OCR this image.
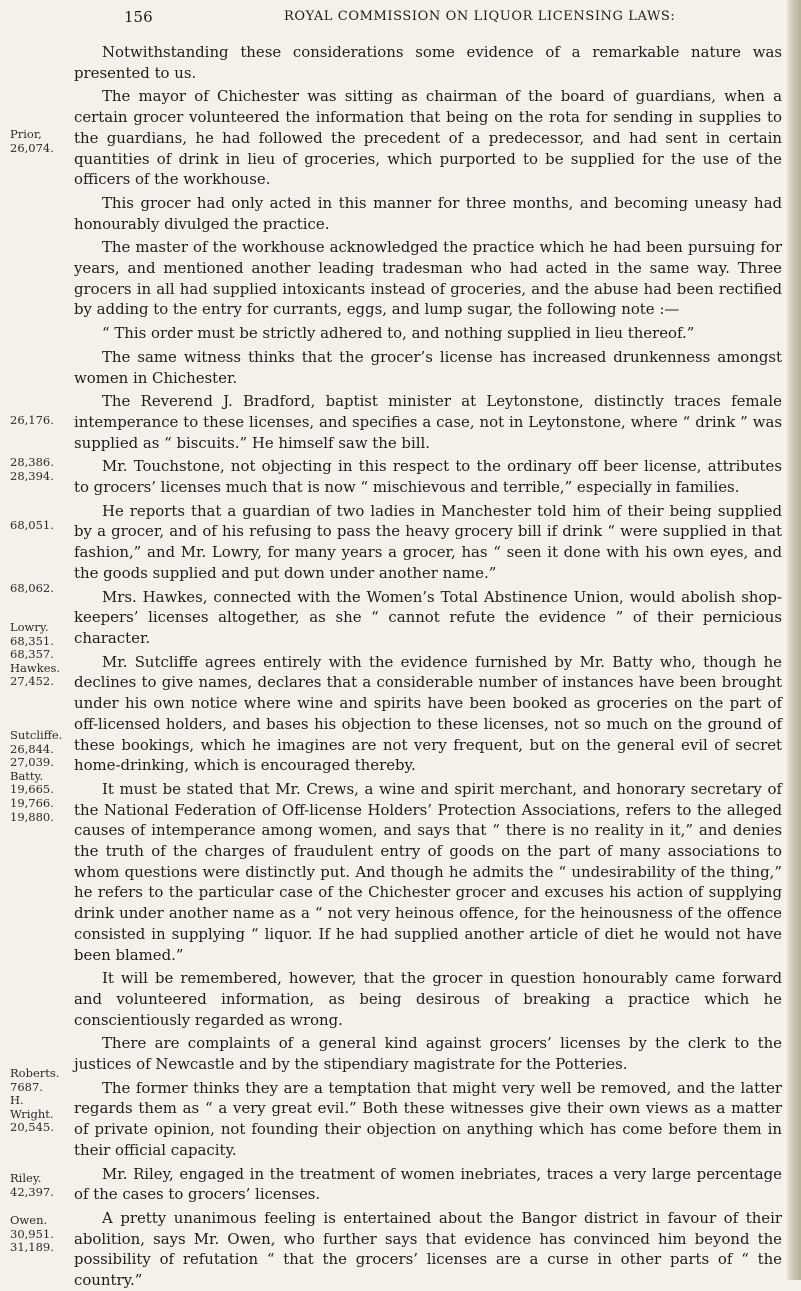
156	ROYAL COMMISSION ON LIQUOR LICENSING LAWS:
Prior,
26,074.
26,176.
28,386.
28,394.
68,051.
68,062.
Lowry.
68,351.
68,357.
Hawkes.
27,452.
Sutcliffe.
26,844.
27,039.
Batty.
19,665.
19,766.
19,880.
Roberts.
7687.
H. Wright.
20,545.
Riley.
42,397.
Owen.
30,951.
31,189.

Notwithstanding these considerations some evidence of a remarkable nature was presented to us.

The mayor of Chichester was sitting as chairman of the board of guardians, when a certain grocer volunteered the information that being on the rota for sending in supplies to the guardians, he had followed the precedent of a predecessor, and had sent in certain quantities of drink in lieu of groceries, which purported to be supplied for the use of the officers of the workhouse.

This grocer had only acted in this manner for three months, and becoming uneasy had honourably divulged the practice.

The master of the workhouse acknowledged the practice which he had been pursuing for years, and mentioned another leading tradesman who had acted in the same way. Three grocers in all had supplied intoxicants instead of groceries, and the abuse had been rectified by adding to the entry for currants, eggs, and lump sugar, the following note :—

“ This order must be strictly adhered to, and nothing supplied in lieu thereof.”

The same witness thinks that the grocer’s license has increased drunkenness amongst women in Chichester.

The Reverend J. Bradford, baptist minister at Leytonstone, distinctly traces female intemperance to these licenses, and specifies a case, not in Leytonstone, where “ drink ” was supplied as “ biscuits.” He himself saw the bill.

Mr. Touchstone, not objecting in this respect to the ordinary off beer license, attributes to grocers’ licenses much that is now “ mischievous and terrible,” especially in families.

He reports that a guardian of two ladies in Manchester told him of their being supplied by a grocer, and of his refusing to pass the heavy grocery bill if drink “ were supplied in that fashion,” and Mr. Lowry, for many years a grocer, has “ seen it done with his own eyes, and the goods supplied and put down under another name.”

Mrs. Hawkes, connected with the Women’s Total Abstinence Union, would abolish shop-keepers’ licenses altogether, as she “ cannot refute the evidence ” of their pernicious character.

Mr. Sutcliffe agrees entirely with the evidence furnished by Mr. Batty who, though he declines to give names, declares that a considerable number of instances have been brought under his own notice where wine and spirits have been booked as groceries on the part of off-licensed holders, and bases his objection to these licenses, not so much on the ground of these bookings, which he imagines are not very frequent, but on the general evil of secret home-drinking, which is encouraged thereby.

It must be stated that Mr. Crews, a wine and spirit merchant, and honorary secretary of the National Federation of Off-license Holders’ Protection Associations, refers to the alleged causes of intemperance among women, and says that “ there is no reality in it,” and denies the truth of the charges of fraudulent entry of goods on the part of many associations to whom questions were distinctly put. And though he admits the “ undesirability of the thing,” he refers to the particular case of the Chichester grocer and excuses his action of supplying drink under another name as a “ not very heinous offence, for the heinousness of the offence consisted in supplying “ liquor. If he had supplied another article of diet he would not have been blamed.”

It will be remembered, however, that the grocer in question honourably came forward and volunteered information, as being desirous of breaking a practice which he conscientiously regarded as wrong.

There are complaints of a general kind against grocers’ licenses by the clerk to the justices of Newcastle and by the stipendiary magistrate for the Potteries.

The former thinks they are a temptation that might very well be removed, and the latter regards them as “ a very great evil.” Both these witnesses give their own views as a matter of private opinion, not founding their objection on anything which has come before them in their official capacity.

Mr. Riley, engaged in the treatment of women inebriates, traces a very large percentage of the cases to grocers’ licenses.

A pretty unanimous feeling is entertained about the Bangor district in favour of their abolition, says Mr. Owen, who further says that evidence has convinced him beyond the possibility of refutation “ that the grocers’ licenses are a curse in other parts of “ the country.”
